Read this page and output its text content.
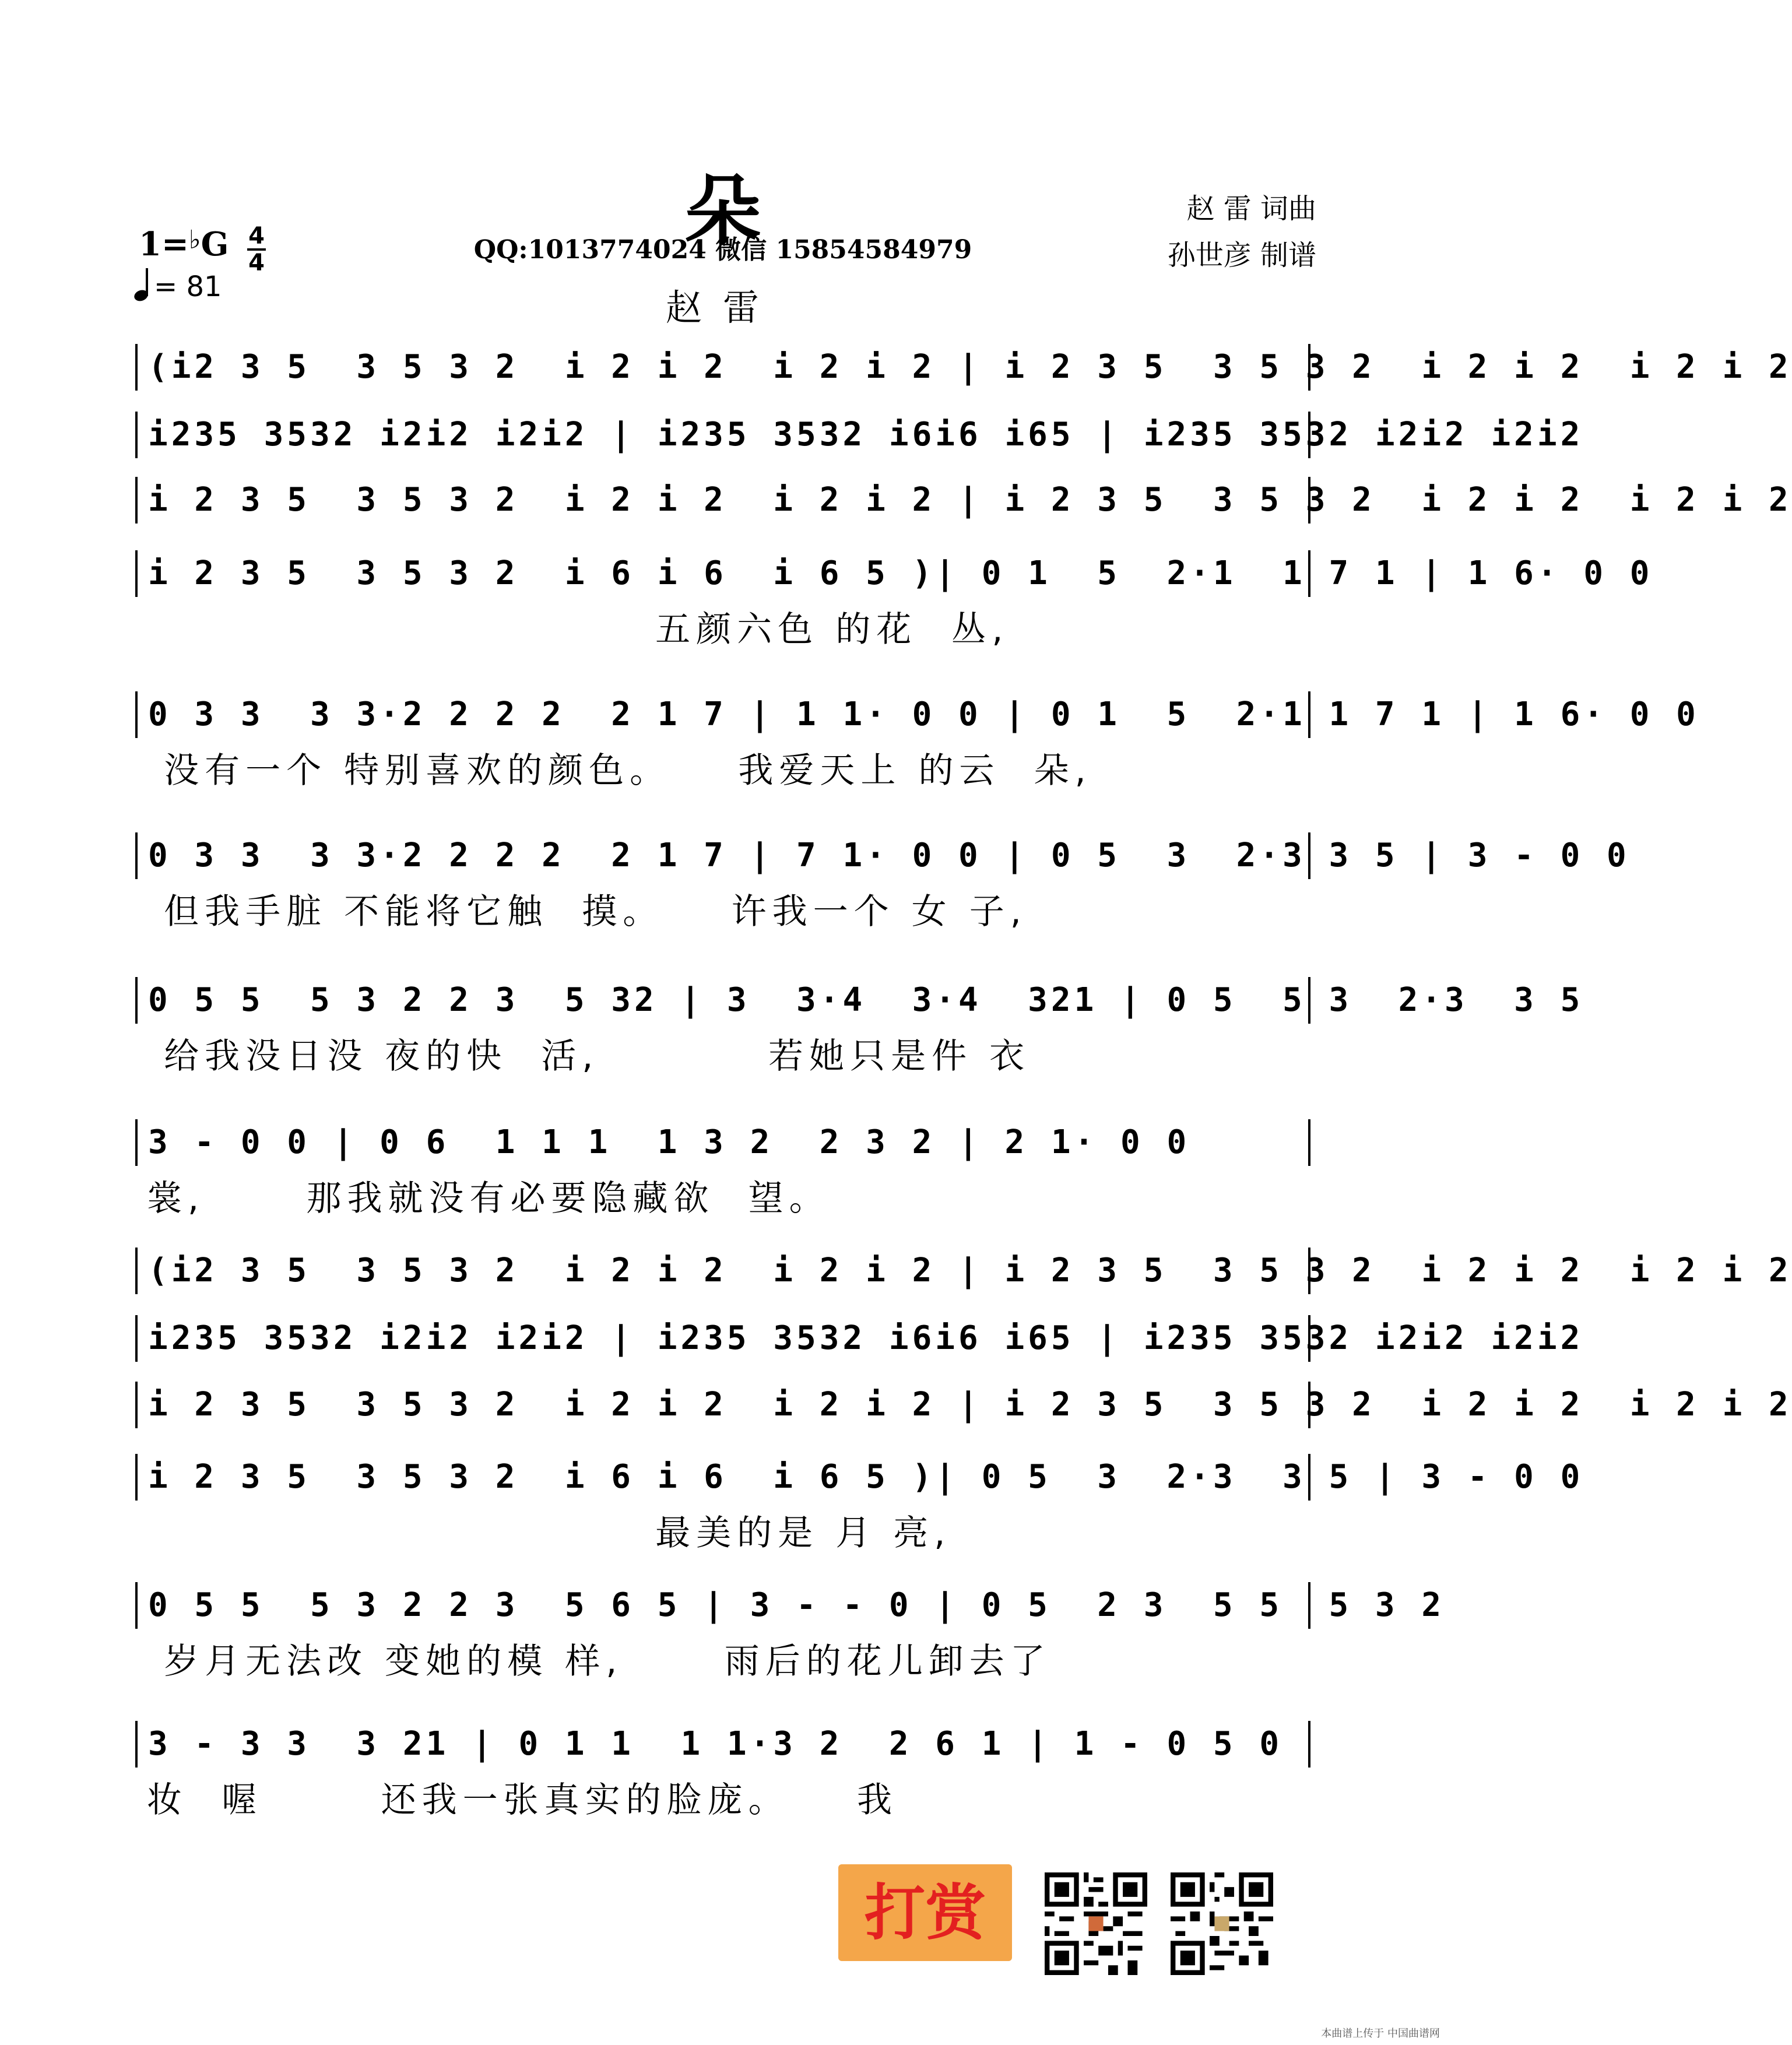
朵	赵 雷 词曲
孙世彦 制谱
1=♭G 4
4
= 81
QQ:1013774024 微信 15854584979
赵雷
(i2 3 5  3 5 3 2  i 2 i 2  i 2 i 2 | i 2 3 5  3 5 3 2  i 2 i 2  i 2 i 2
i235 3532 i2i2 i2i2 | i235 3532 i6i6 i65 | i235 3532 i2i2 i2i2
i 2 3 5  3 5 3 2  i 2 i 2  i 2 i 2 | i 2 3 5  3 5 3 2  i 2 i 2  i 2 i 2
i 2 3 5  3 5 3 2  i 6 i 6  i 6 5 )| 0 1  5  2·1  1 7 1 | 1 6· 0 0
五颜六色 的花  丛,
0 3 3  3 3·2 2 2 2  2 1 7 | 1 1· 0 0 | 0 1  5  2·1 1 7 1 | 1 6· 0 0
没有一个 特别喜欢的颜色。    我爱天上 的云  朵,
0 3 3  3 3·2 2 2 2  2 1 7 | 7 1· 0 0 | 0 5  3  2·3 3 5 | 3 - 0 0
但我手脏 不能将它触  摸。    许我一个 女 子,
0 5 5  5 3 2 2 3  5 32 | 3  3·4  3·4  321 | 0 5  5 3  2·3  3 5
给我没日没 夜的快  活,          若她只是件 衣
3 - 0 0 | 0 6  1 1 1  1 3 2  2 3 2 | 2 1· 0 0
裳,      那我就没有必要隐藏欲  望。
(i2 3 5  3 5 3 2  i 2 i 2  i 2 i 2 | i 2 3 5  3 5 3 2  i 2 i 2  i 2 i 2
i235 3532 i2i2 i2i2 | i235 3532 i6i6 i65 | i235 3532 i2i2 i2i2
i 2 3 5  3 5 3 2  i 2 i 2  i 2 i 2 | i 2 3 5  3 5 3 2  i 2 i 2  i 2 i 2
i 2 3 5  3 5 3 2  i 6 i 6  i 6 5 )| 0 5  3  2·3  3 5 | 3 - 0 0
最美的是 月 亮,
0 5 5  5 3 2 2 3  5 6 5 | 3 - - 0 | 0 5  2 3  5 5  5 3 2
岁月无法改 变她的模 样,      雨后的花儿卸去了
3 - 3 3  3 21 | 0 1 1  1 1·3 2  2 6 1 | 1 - 0 5 0
妆  喔       还我一张真实的脸庞。    我
打赏
本曲谱上传于 中国曲谱网
